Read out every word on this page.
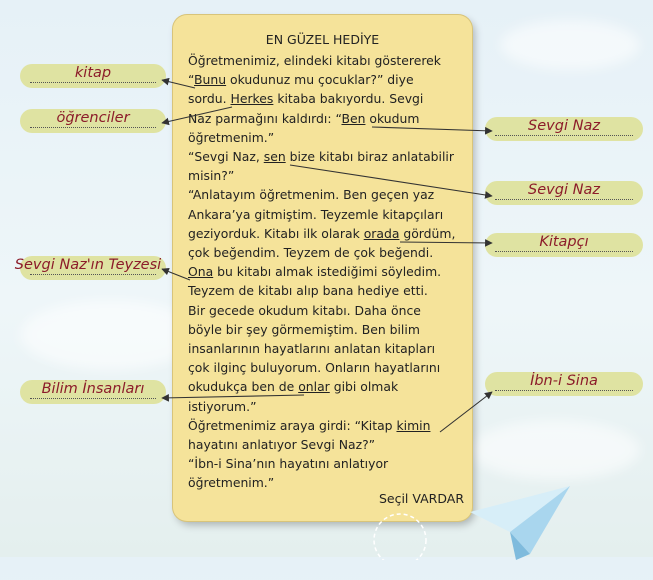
EN GÜZEL HEDİYE
Öğretmenimiz, elindeki kitabı göstererek
“Bunu okudunuz mu çocuklar?” diye
sordu. Herkes kitaba bakıyordu. Sevgi
Naz parmağını kaldırdı: “Ben okudum
öğretmenim.”
“Sevgi Naz, sen bize kitabı biraz anlatabilir
misin?”
“Anlatayım öğretmenim. Ben geçen yaz
Ankara’ya gitmiştim. Teyzemle kitapçıları
geziyorduk. Kitabı ilk olarak orada gördüm,
çok beğendim. Teyzem de çok beğendi.
Ona bu kitabı almak istediğimi söyledim.
Teyzem de kitabı alıp bana hediye etti.
Bir gecede okudum kitabı. Daha önce
böyle bir şey görmemiştim. Ben bilim
insanlarının hayatlarını anlatan kitapları
çok ilginç buluyorum. Onların hayatlarını
okudukça ben de onlar gibi olmak
istiyorum.”
Öğretmenimiz araya girdi: “Kitap kimin
hayatını anlatıyor Sevgi Naz?”
“İbn-i Sina’nın hayatını anlatıyor
öğretmenim.”
Seçil VARDAR
kitap
öğrenciler
Sevgi Naz'ın Teyzesi
Bilim İnsanları
Sevgi Naz
Sevgi Naz
Kitapçı
İbn-i Sina
